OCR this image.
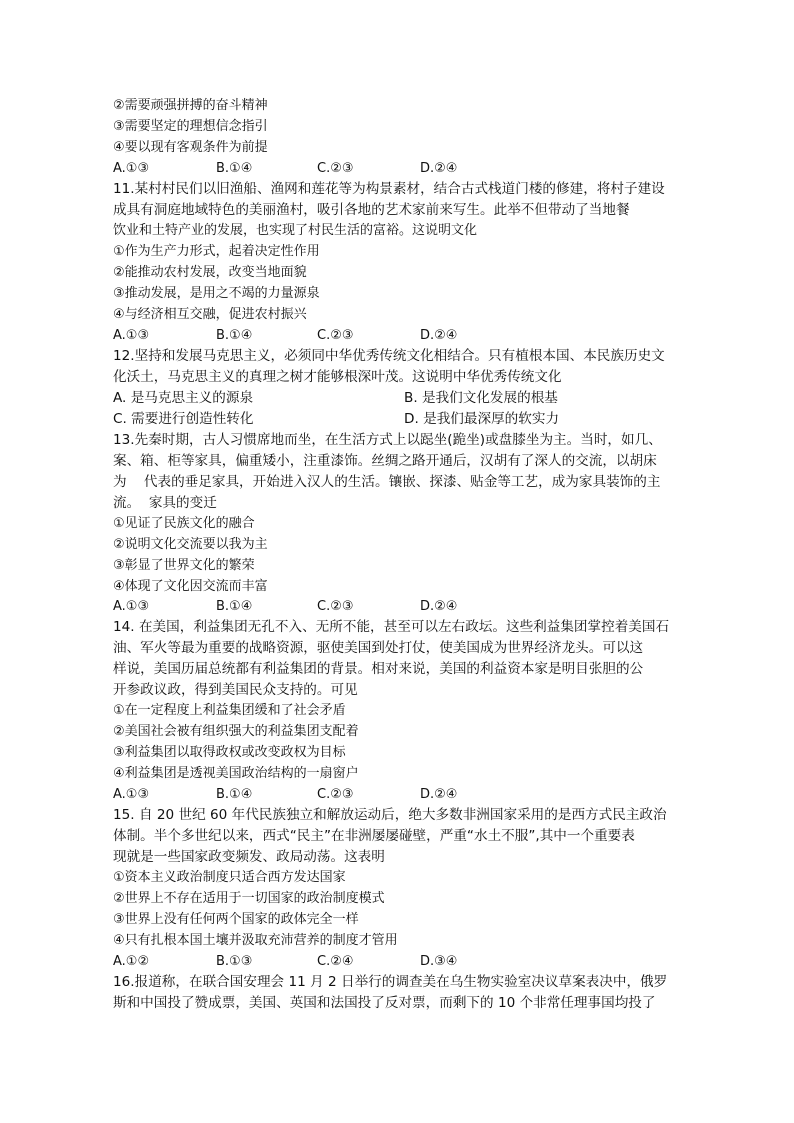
②需要顽强拼搏的奋斗精神
③需要坚定的理想信念指引
④要以现有客观条件为前提
A.①③	B.①④	C.②③	D.②④
11.某村村民们以旧渔船、渔网和莲花等为构景素材，结合古式栈道门楼的修建，将村子建设
成具有洞庭地域特色的美丽渔村，吸引各地的艺术家前来写生。此举不但带动了当地餐
饮业和土特产业的发展，也实现了村民生活的富裕。这说明文化
①作为生产力形式，起着决定性作用
②能推动农村发展，改变当地面貌
③推动发展，是用之不竭的力量源泉
④与经济相互交融，促进农村振兴
A.①③	B.①④	C.②③	D.②④
12.坚持和发展马克思主义，必须同中华优秀传统文化相结合。只有植根本国、本民族历史文
化沃土，马克思主义的真理之树才能够根深叶茂。这说明中华优秀传统文化
A. 是马克思主义的源泉	B. 是我们文化发展的根基
C. 需要进行创造性转化	D. 是我们最深厚的软实力
13.先秦时期，古人习惯席地而坐，在生活方式上以跽坐(跪坐)或盘膝坐为主。当时，如几、
案、箱、柜等家具，偏重矮小，注重漆饰。丝绸之路开通后，汉胡有了深人的交流，以胡床
为    代表的垂足家具，开始进入汉人的生活。镶嵌、探漆、贴金等工艺，成为家具装饰的主
流。  家具的变迁
①见证了民族文化的融合
②说明文化交流要以我为主
③彰显了世界文化的繁荣
④体现了文化因交流而丰富
A.①③	B.①④	C.②③	D.②④
14. 在美国，利益集团无孔不入、无所不能，甚至可以左右政坛。这些利益集团掌控着美国石
油、军火等最为重要的战略资源，驱使美国到处打仗，使美国成为世界经济龙头。可以这
样说，美国历届总统都有利益集团的背景。相对来说，美国的利益资本家是明目张胆的公
开参政议政，得到美国民众支持的。可见
①在一定程度上利益集团缓和了社会矛盾
②美国社会被有组织强大的利益集团支配着
③利益集团以取得政权或改变政权为目标
④利益集团是透视美国政治结构的一扇窗户
A.①③	B.①④	C.②③	D.②④
15. 自 20 世纪 60 年代民族独立和解放运动后，绝大多数非洲国家采用的是西方式民主政治
体制。半个多世纪以来，西式“民主”在非洲屡屡碰壁，严重“水土不服”,其中一个重要表
现就是一些国家政变频发、政局动荡。这表明
①资本主义政治制度只适合西方发达国家
②世界上不存在适用于一切国家的政治制度模式
③世界上没有任何两个国家的政体完全一样
④只有扎根本国土壤并汲取充沛营养的制度才管用
A.①②	B.①③	C.②④	D.③④
16.报道称，在联合国安理会 11 月 2 日举行的调查美在乌生物实验室决议草案表决中，俄罗
斯和中国投了赞成票，美国、英国和法国投了反对票，而剩下的 10 个非常任理事国均投了
